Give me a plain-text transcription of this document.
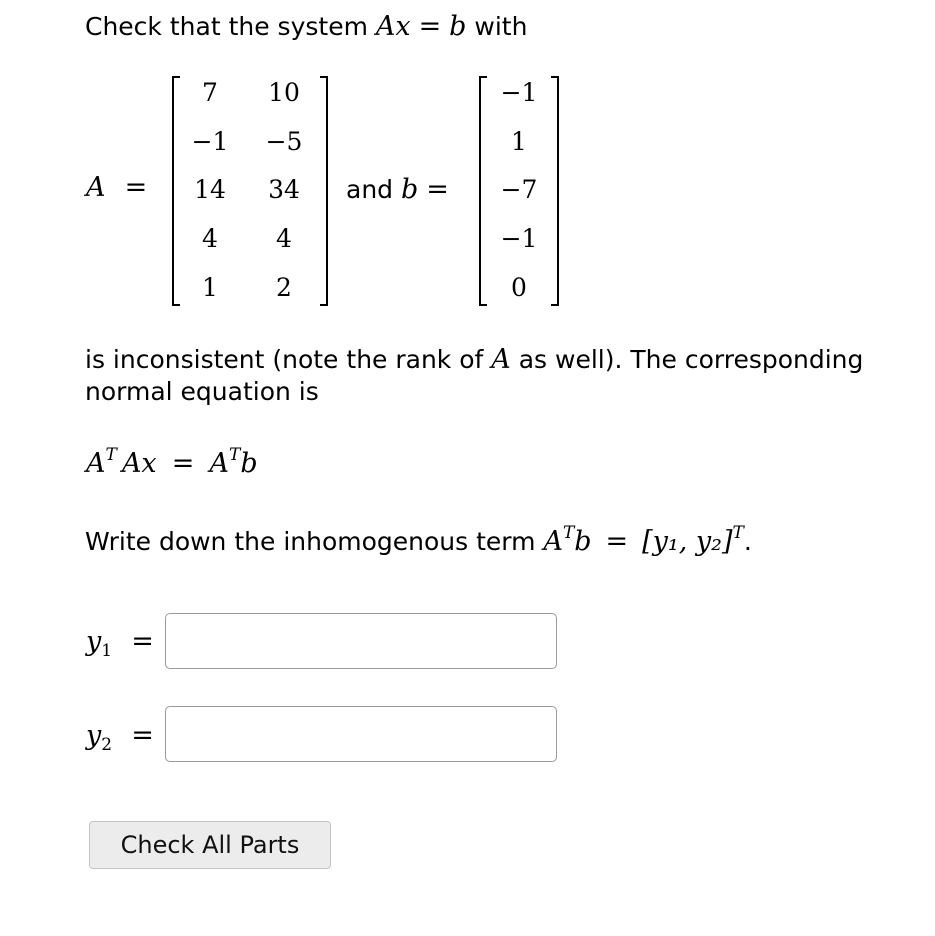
Check that the system Ax = b with
A =
7	10
−1	−5
14	34
4	4
1	2
and b =
−1
1
−7
−1
0
is inconsistent (note the rank of A as well). The corresponding
normal equation is
AT Ax = ATb
Write down the inhomogenous term $A^Tb = [y_1$, y₂]$^T$.
y1 =
y2 =
Check All Parts
